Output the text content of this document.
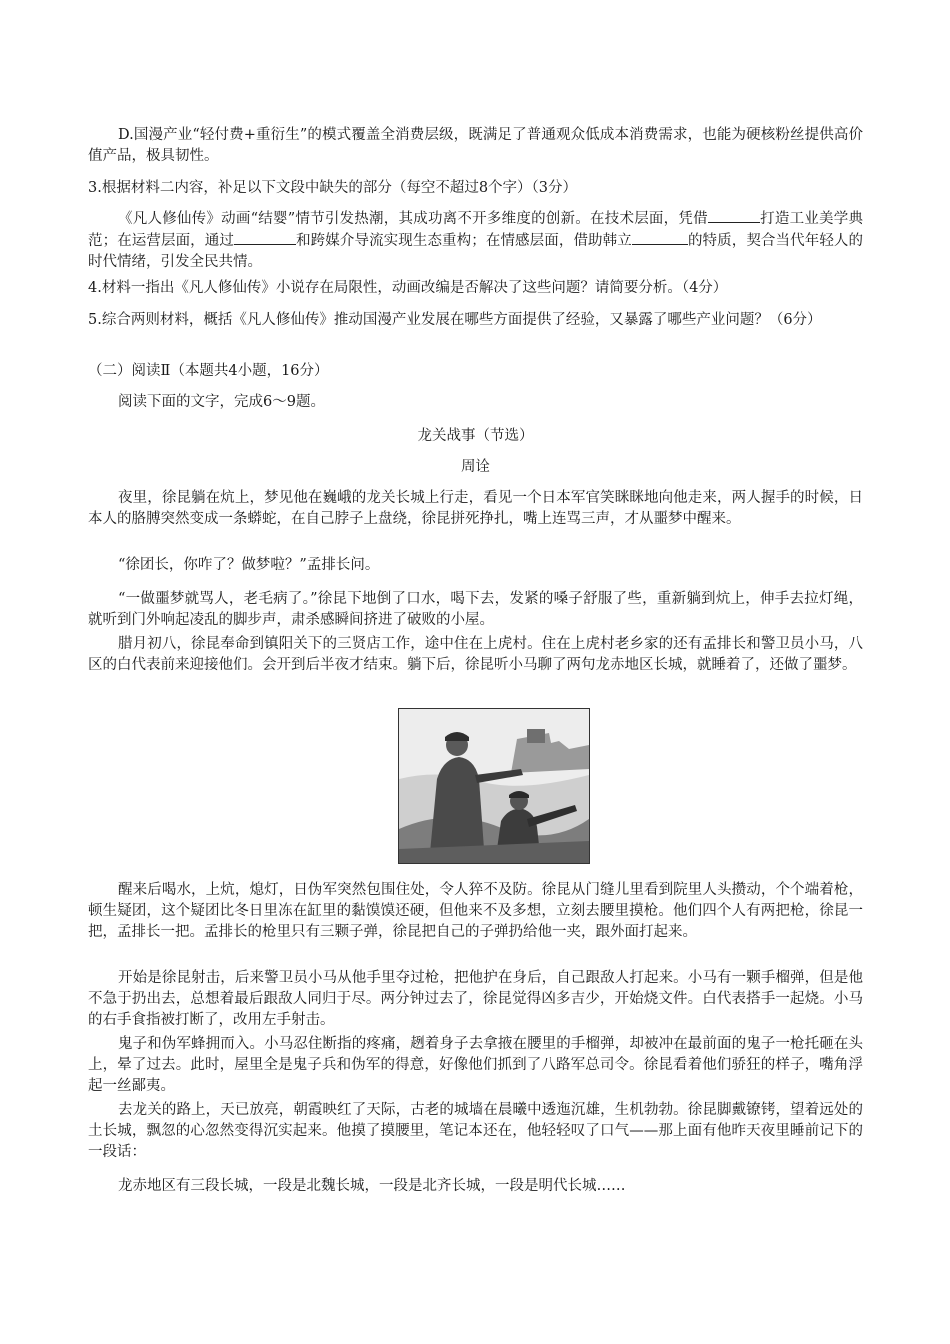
D.国漫产业“轻付费+重衍生”的模式覆盖全消费层级，既满足了普通观众低成本消费需求，也能为硬核粉丝提供高价值产品，极具韧性。

3.根据材料二内容，补足以下文段中缺失的部分（每空不超过8个字）（3分）

《凡人修仙传》动画“结婴”情节引发热潮，其成功离不开多维度的创新。在技术层面，凭借	打造工业美学典范；在运营层面，通过	和跨媒介导流实现生态重构；在情感层面，借助韩立	的特质，契合当代年轻人的时代情绪，引发全民共情。

4.材料一指出《凡人修仙传》小说存在局限性，动画改编是否解决了这些问题？请简要分析。（4分）

5.综合两则材料，概括《凡人修仙传》推动国漫产业发展在哪些方面提供了经验，又暴露了哪些产业问题？（6分）

（二）阅读Ⅱ（本题共4小题，16分）

阅读下面的文字，完成6～9题。

龙关战事（节选）

周诠

夜里，徐昆躺在炕上，梦见他在巍峨的龙关长城上行走，看见一个日本军官笑眯眯地向他走来，两人握手的时候，日本人的胳膊突然变成一条蟒蛇，在自己脖子上盘绕，徐昆拼死挣扎，嘴上连骂三声，才从噩梦中醒来。

“徐团长，你咋了？做梦啦？”孟排长问。

“一做噩梦就骂人，老毛病了。”徐昆下地倒了口水，喝下去，发紧的嗓子舒服了些，重新躺到炕上，伸手去拉灯绳，就听到门外响起凌乱的脚步声，肃杀感瞬间挤进了破败的小屋。

腊月初八，徐昆奉命到镇阳关下的三贤店工作，途中住在上虎村。住在上虎村老乡家的还有孟排长和警卫员小马，八区的白代表前来迎接他们。会开到后半夜才结束。躺下后，徐昆听小马聊了两句龙赤地区长城，就睡着了，还做了噩梦。

醒来后喝水，上炕，熄灯，日伪军突然包围住处，令人猝不及防。徐昆从门缝儿里看到院里人头攒动，个个端着枪，顿生疑团，这个疑团比冬日里冻在缸里的黏馍馍还硬，但他来不及多想，立刻去腰里摸枪。他们四个人有两把枪，徐昆一把，孟排长一把。孟排长的枪里只有三颗子弹，徐昆把自己的子弹扔给他一夹，跟外面打起来。

开始是徐昆射击，后来警卫员小马从他手里夺过枪，把他护在身后，自己跟敌人打起来。小马有一颗手榴弹，但是他不急于扔出去，总想着最后跟敌人同归于尽。两分钟过去了，徐昆觉得凶多吉少，开始烧文件。白代表搭手一起烧。小马的右手食指被打断了，改用左手射击。

鬼子和伪军蜂拥而入。小马忍住断指的疼痛，趔着身子去拿掖在腰里的手榴弹，却被冲在最前面的鬼子一枪托砸在头上，晕了过去。此时，屋里全是鬼子兵和伪军的得意，好像他们抓到了八路军总司令。徐昆看着他们骄狂的样子，嘴角浮起一丝鄙夷。

去龙关的路上，天已放亮，朝霞映红了天际，古老的城墙在晨曦中透迤沉雄，生机勃勃。徐昆脚戴镣铐，望着远处的土长城，飘忽的心忽然变得沉实起来。他摸了摸腰里，笔记本还在，他轻轻叹了口气——那上面有他昨天夜里睡前记下的一段话：

龙赤地区有三段长城，一段是北魏长城，一段是北齐长城，一段是明代长城……
